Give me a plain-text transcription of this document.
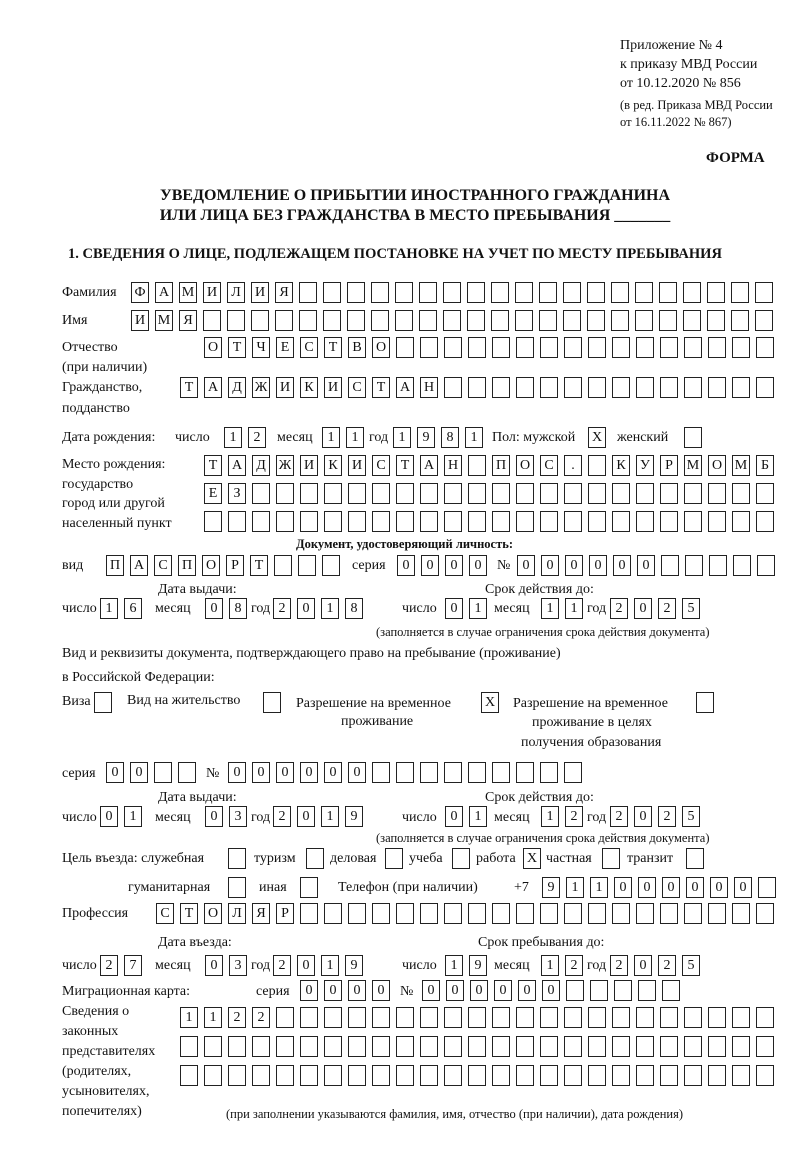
Приложение № 4
к приказу МВД России
от 10.12.2020 № 856
(в ред. Приказа МВД России
от 16.11.2022 № 867)
ФОРМА
УВЕДОМЛЕНИЕ О ПРИБЫТИИ ИНОСТРАННОГО ГРАЖДАНИНА
ИЛИ ЛИЦА БЕЗ ГРАЖДАНСТВА В МЕСТО ПРЕБЫВАНИЯ _______
1. СВЕДЕНИЯ О ЛИЦЕ, ПОДЛЕЖАЩЕМ ПОСТАНОВКЕ НА УЧЕТ ПО МЕСТУ ПРЕБЫВАНИЯ
Фамилия Ф А М И	Л	И	Я
Имя	И М Я
Отчество
(при наличии)
О	Т	Ч	Е	С	Т	В	О
Гражданство,
подданство
Т	А	Д Ж И	К	И	С	Т	А Н
Дата рождения: число	1	2	месяц	1	1 год 1	9	8	1	Пол: мужской X женский
Место рождения:
государство
город или другой
населенный пункт
Т	А	Д Ж И	К	И	С	Т	А Н	П О	С	.	К	У	Р М О М Б
Е	З
Документ, удостоверяющий личность:
вид П А	С	П О	Р	Т	серия	0	0	0	0	№ 0	0	0	0	0	0
Дата выдачи:	Срок действия до:
число 1	6	месяц	0	8 год 2	0	1	8	число 0	1 месяц	1	1 год 2	0	2	5
(заполняется в случае ограничения срока действия документа)
Вид и реквизиты документа, подтверждающего право на пребывание (проживание)
в Российской Федерации:
Виза	Вид на жительство	Разрешение на временное
проживание
X Разрешение на временное
проживание в целях
получения образования
серия	0	0	№	0	0	0	0	0	0
Дата выдачи:	Срок действия до:
число 0	1	месяц	0	3 год 2	0	1	9	число 0	1 месяц	1	2 год 2	0	2	5
(заполняется в случае ограничения срока действия документа)
Цель въезда: служебная	туризм деловая учеба работа X частная	транзит
гуманитарная	иная	Телефон (при наличии)	+7	9	1	1	0	0	0	0	0	0
Профессия	С	Т	О	Л	Я	Р
Дата въезда:	Срок пребывания до:
число 2	7	месяц	0	3 год 2	0	1	9	число 1	9 месяц	1	2 год 2	0	2	5
Миграционная карта:	серия	0	0	0	0	№	0	0	0	0	0	0
Сведения о
законных
представителях
(родителях,
усыновителях,
попечителях)
1	1	2	2
(при заполнении указываются фамилия, имя, отчество (при наличии), дата рождения)
